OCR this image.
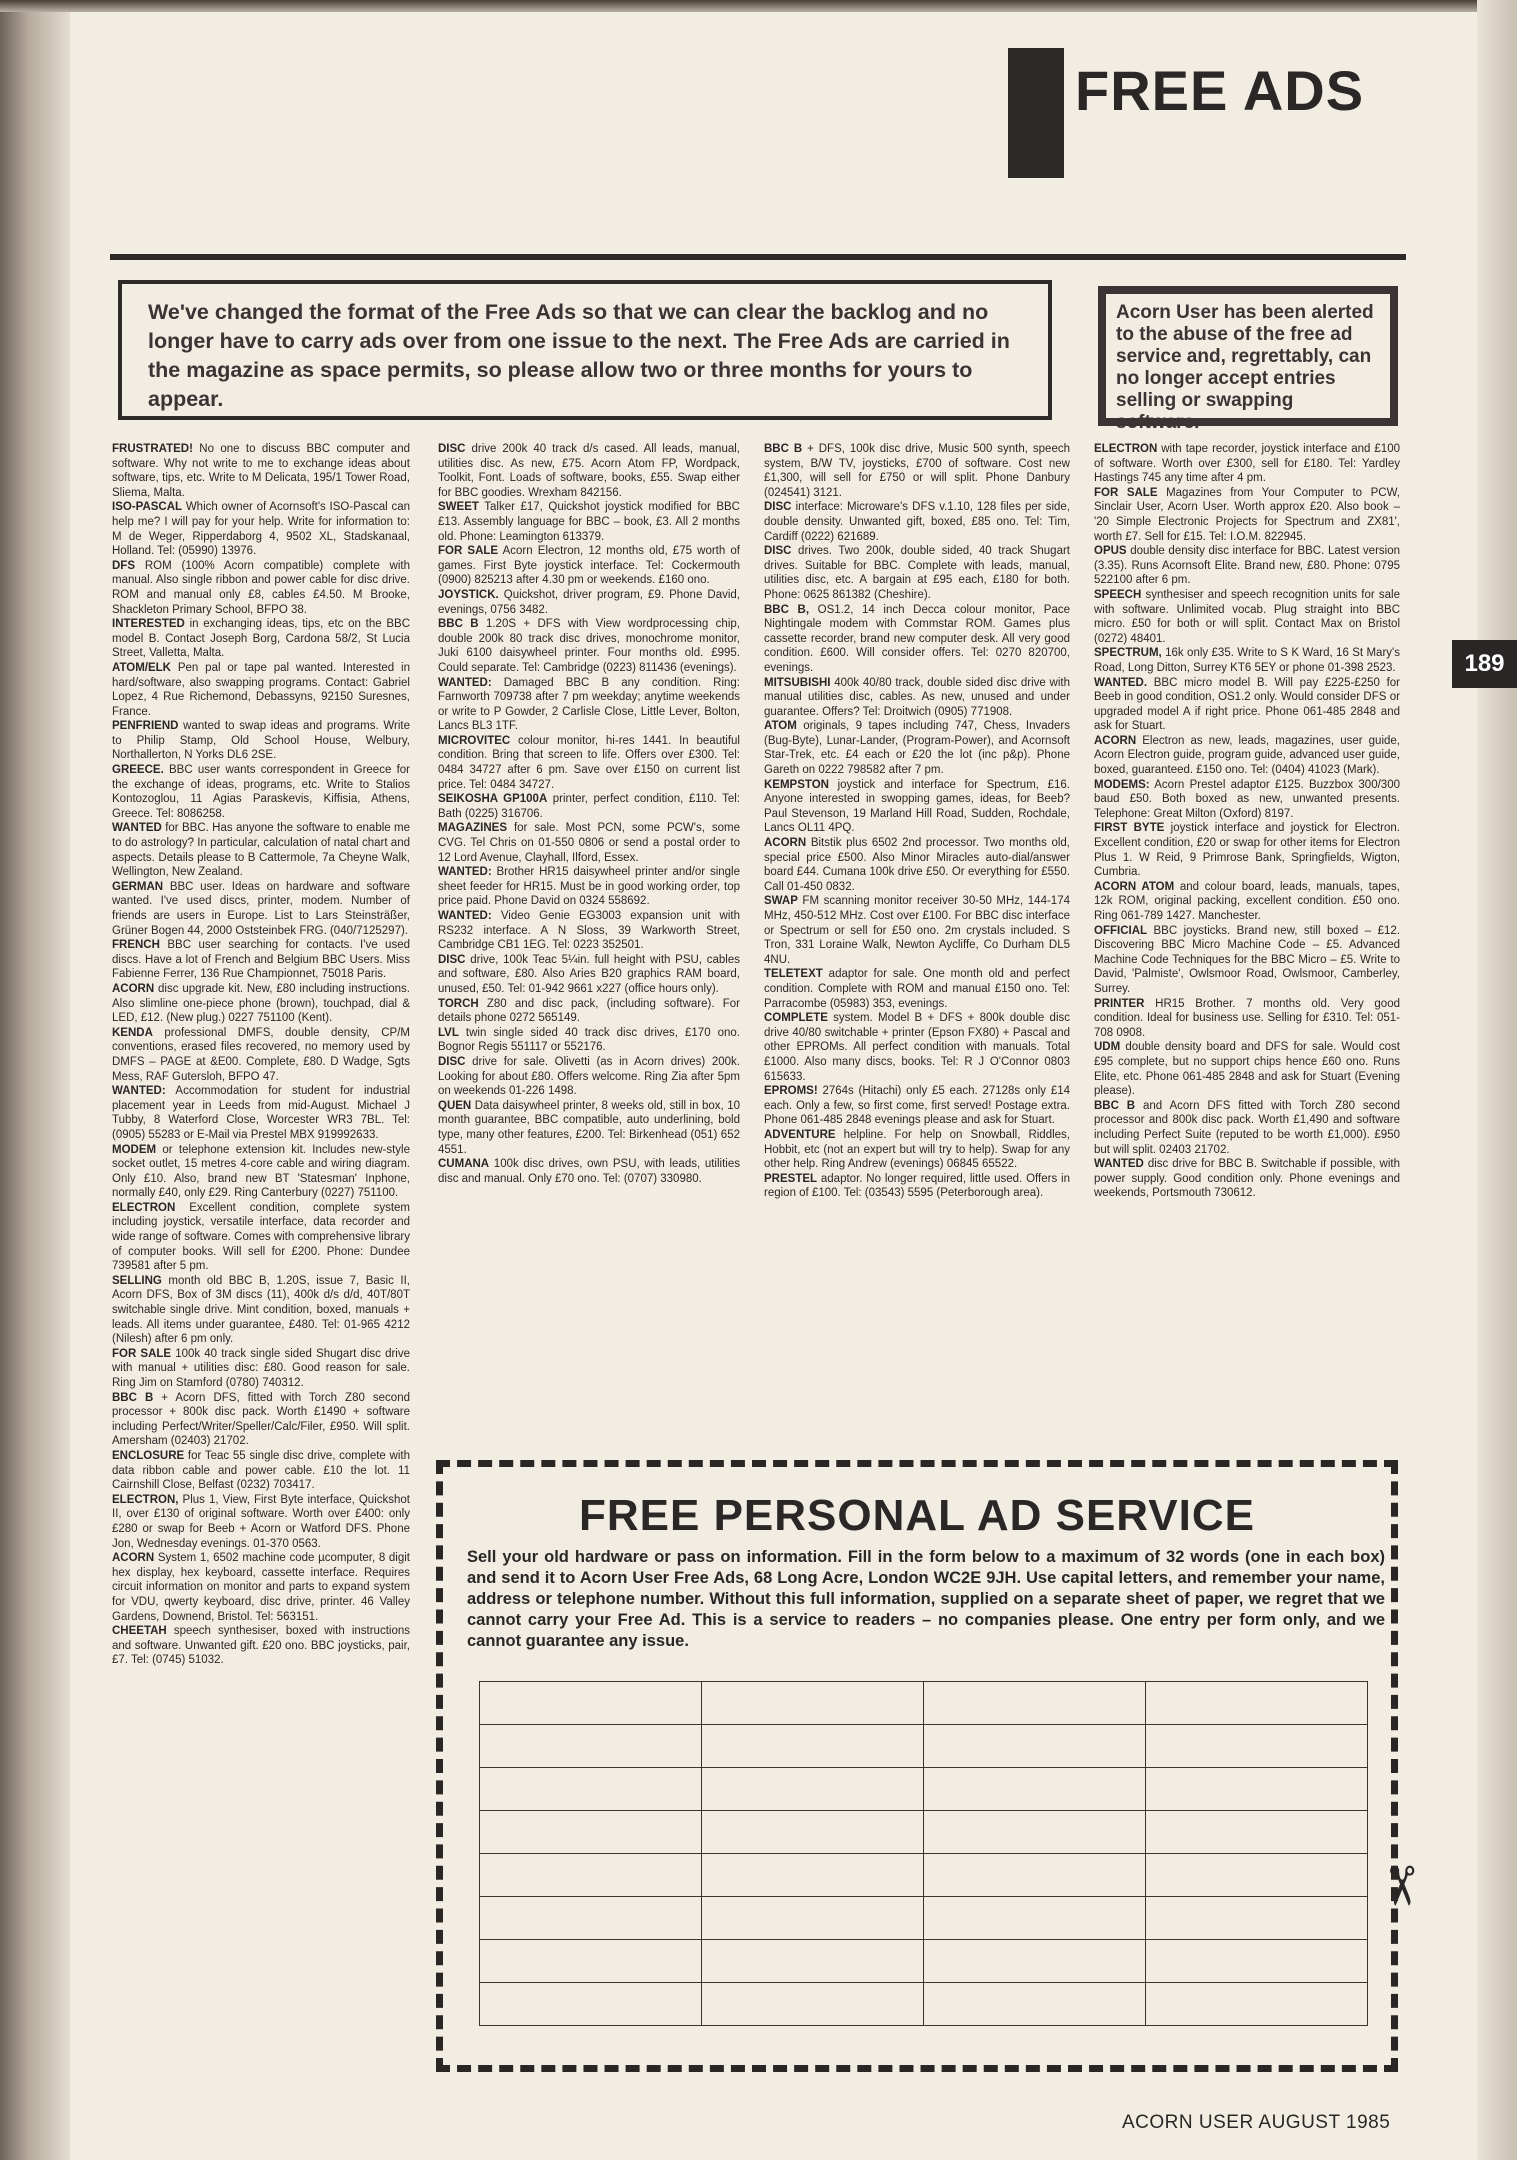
FREE ADS
We've changed the format of the Free Ads so that we can clear the backlog and no longer have to carry ads over from one issue to the next. The Free Ads are carried in the magazine as space permits, so please allow two or three months for yours to appear.
Acorn User has been alerted to the abuse of the free ad service and, regrettably, can no longer accept entries selling or swapping software.

FRUSTRATED! No one to discuss BBC computer and software. Why not write to me to exchange ideas about software, tips, etc. Write to M Delicata, 195/1 Tower Road, Sliema, Malta.

ISO-PASCAL Which owner of Acornsoft's ISO-Pascal can help me? I will pay for your help. Write for information to: M de Weger, Ripperdaborg 4, 9502 XL, Stadskanaal, Holland. Tel: (05990) 13976.

DFS ROM (100% Acorn compatible) complete with manual. Also single ribbon and power cable for disc drive. ROM and manual only £8, cables £4.50. M Brooke, Shackleton Primary School, BFPO 38.

INTERESTED in exchanging ideas, tips, etc on the BBC model B. Contact Joseph Borg, Cardona 58/2, St Lucia Street, Valletta, Malta.

ATOM/ELK Pen pal or tape pal wanted. Interested in hard/software, also swapping programs. Contact: Gabriel Lopez, 4 Rue Richemond, Debassyns, 92150 Suresnes, France.

PENFRIEND wanted to swap ideas and programs. Write to Philip Stamp, Old School House, Welbury, Northallerton, N Yorks DL6 2SE.

GREECE. BBC user wants correspondent in Greece for the exchange of ideas, programs, etc. Write to Stalios Kontozoglou, 11 Agias Paraskevis, Kiffisia, Athens, Greece. Tel: 8086258.

WANTED for BBC. Has anyone the software to enable me to do astrology? In particular, calculation of natal chart and aspects. Details please to B Cattermole, 7a Cheyne Walk, Wellington, New Zealand.

GERMAN BBC user. Ideas on hardware and software wanted. I've used discs, printer, modem. Number of friends are users in Europe. List to Lars Steinsträßer, Grüner Bogen 44, 2000 Oststeinbek FRG. (040/7125297).

FRENCH BBC user searching for contacts. I've used discs. Have a lot of French and Belgium BBC Users. Miss Fabienne Ferrer, 136 Rue Championnet, 75018 Paris.

ACORN disc upgrade kit. New, £80 including instructions. Also slimline one-piece phone (brown), touchpad, dial & LED, £12. (New plug.) 0227 751100 (Kent).

KENDA professional DMFS, double density, CP/M conventions, erased files recovered, no memory used by DMFS – PAGE at &E00. Complete, £80. D Wadge, Sgts Mess, RAF Gutersloh, BFPO 47.

WANTED: Accommodation for student for industrial placement year in Leeds from mid-August. Michael J Tubby, 8 Waterford Close, Worcester WR3 7BL. Tel: (0905) 55283 or E-Mail via Prestel MBX 919992633.

MODEM or telephone extension kit. Includes new-style socket outlet, 15 metres 4-core cable and wiring diagram. Only £10. Also, brand new BT 'Statesman' Inphone, normally £40, only £29. Ring Canterbury (0227) 751100.

ELECTRON Excellent condition, complete system including joystick, versatile interface, data recorder and wide range of software. Comes with comprehensive library of computer books. Will sell for £200. Phone: Dundee 739581 after 5 pm.

SELLING month old BBC B, 1.20S, issue 7, Basic II, Acorn DFS, Box of 3M discs (11), 400k d/s d/d, 40T/80T switchable single drive. Mint condition, boxed, manuals + leads. All items under guarantee, £480. Tel: 01-965 4212 (Nilesh) after 6 pm only.

FOR SALE 100k 40 track single sided Shugart disc drive with manual + utilities disc: £80. Good reason for sale. Ring Jim on Stamford (0780) 740312.

BBC B + Acorn DFS, fitted with Torch Z80 second processor + 800k disc pack. Worth £1490 + software including Perfect/Writer/Speller/Calc/Filer, £950. Will split. Amersham (02403) 21702.

ENCLOSURE for Teac 55 single disc drive, complete with data ribbon cable and power cable. £10 the lot. 11 Cairnshill Close, Belfast (0232) 703417.

ELECTRON, Plus 1, View, First Byte interface, Quickshot II, over £130 of original software. Worth over £400: only £280 or swap for Beeb + Acorn or Watford DFS. Phone Jon, Wednesday evenings. 01-370 0563.

ACORN System 1, 6502 machine code µcomputer, 8 digit hex display, hex keyboard, cassette interface. Requires circuit information on monitor and parts to expand system for VDU, qwerty keyboard, disc drive, printer. 46 Valley Gardens, Downend, Bristol. Tel: 563151.

CHEETAH speech synthesiser, boxed with instructions and software. Unwanted gift. £20 ono. BBC joysticks, pair, £7. Tel: (0745) 51032.

DISC drive 200k 40 track d/s cased. All leads, manual, utilities disc. As new, £75. Acorn Atom FP, Wordpack, Toolkit, Font. Loads of software, books, £55. Swap either for BBC goodies. Wrexham 842156.

SWEET Talker £17, Quickshot joystick modified for BBC £13. Assembly language for BBC – book, £3. All 2 months old. Phone: Leamington 613379.

FOR SALE Acorn Electron, 12 months old, £75 worth of games. First Byte joystick interface. Tel: Cockermouth (0900) 825213 after 4.30 pm or weekends. £160 ono.

JOYSTICK. Quickshot, driver program, £9. Phone David, evenings, 0756 3482.

BBC B 1.20S + DFS with View wordprocessing chip, double 200k 80 track disc drives, monochrome monitor, Juki 6100 daisywheel printer. Four months old. £995. Could separate. Tel: Cambridge (0223) 811436 (evenings).

WANTED: Damaged BBC B any condition. Ring: Farnworth 709738 after 7 pm weekday; anytime weekends or write to P Gowder, 2 Carlisle Close, Little Lever, Bolton, Lancs BL3 1TF.

MICROVITEC colour monitor, hi-res 1441. In beautiful condition. Bring that screen to life. Offers over £300. Tel: 0484 34727 after 6 pm. Save over £150 on current list price. Tel: 0484 34727.

SEIKOSHA GP100A printer, perfect condition, £110. Tel: Bath (0225) 316706.

MAGAZINES for sale. Most PCN, some PCW's, some CVG. Tel Chris on 01-550 0806 or send a postal order to 12 Lord Avenue, Clayhall, Ilford, Essex.

WANTED: Brother HR15 daisywheel printer and/or single sheet feeder for HR15. Must be in good working order, top price paid. Phone David on 0324 558692.

WANTED: Video Genie EG3003 expansion unit with RS232 interface. A N Sloss, 39 Warkworth Street, Cambridge CB1 1EG. Tel: 0223 352501.

DISC drive, 100k Teac 5¼in. full height with PSU, cables and software, £80. Also Aries B20 graphics RAM board, unused, £50. Tel: 01-942 9661 x227 (office hours only).

TORCH Z80 and disc pack, (including software). For details phone 0272 565149.

LVL twin single sided 40 track disc drives, £170 ono. Bognor Regis 551117 or 552176.

DISC drive for sale. Olivetti (as in Acorn drives) 200k. Looking for about £80. Offers welcome. Ring Zia after 5pm on weekends 01-226 1498.

QUEN Data daisywheel printer, 8 weeks old, still in box, 10 month guarantee, BBC compatible, auto underlining, bold type, many other features, £200. Tel: Birkenhead (051) 652 4551.

CUMANA 100k disc drives, own PSU, with leads, utilities disc and manual. Only £70 ono. Tel: (0707) 330980.

BBC B + DFS, 100k disc drive, Music 500 synth, speech system, B/W TV, joysticks, £700 of software. Cost new £1,300, will sell for £750 or will split. Phone Danbury (024541) 3121.

DISC interface: Microware's DFS v.1.10, 128 files per side, double density. Unwanted gift, boxed, £85 ono. Tel: Tim, Cardiff (0222) 621689.

DISC drives. Two 200k, double sided, 40 track Shugart drives. Suitable for BBC. Complete with leads, manual, utilities disc, etc. A bargain at £95 each, £180 for both. Phone: 0625 861382 (Cheshire).

BBC B, OS1.2, 14 inch Decca colour monitor, Pace Nightingale modem with Commstar ROM. Games plus cassette recorder, brand new computer desk. All very good condition. £600. Will consider offers. Tel: 0270 820700, evenings.

MITSUBISHI 400k 40/80 track, double sided disc drive with manual utilities disc, cables. As new, unused and under guarantee. Offers? Tel: Droitwich (0905) 771908.

ATOM originals, 9 tapes including 747, Chess, Invaders (Bug-Byte), Lunar-Lander, (Program-Power), and Acornsoft Star-Trek, etc. £4 each or £20 the lot (inc p&p). Phone Gareth on 0222 798582 after 7 pm.

KEMPSTON joystick and interface for Spectrum, £16. Anyone interested in swopping games, ideas, for Beeb? Paul Stevenson, 19 Marland Hill Road, Sudden, Rochdale, Lancs OL11 4PQ.

ACORN Bitstik plus 6502 2nd processor. Two months old, special price £500. Also Minor Miracles auto-dial/answer board £44. Cumana 100k drive £50. Or everything for £550. Call 01-450 0832.

SWAP FM scanning monitor receiver 30-50 MHz, 144-174 MHz, 450-512 MHz. Cost over £100. For BBC disc interface or Spectrum or sell for £50 ono. 2m crystals included. S Tron, 331 Loraine Walk, Newton Aycliffe, Co Durham DL5 4NU.

TELETEXT adaptor for sale. One month old and perfect condition. Complete with ROM and manual £150 ono. Tel: Parracombe (05983) 353, evenings.

COMPLETE system. Model B + DFS + 800k double disc drive 40/80 switchable + printer (Epson FX80) + Pascal and other EPROMs. All perfect condition with manuals. Total £1000. Also many discs, books. Tel: R J O'Connor 0803 615633.

EPROMS! 2764s (Hitachi) only £5 each. 27128s only £14 each. Only a few, so first come, first served! Postage extra. Phone 061-485 2848 evenings please and ask for Stuart.

ADVENTURE helpline. For help on Snowball, Riddles, Hobbit, etc (not an expert but will try to help). Swap for any other help. Ring Andrew (evenings) 06845 65522.

PRESTEL adaptor. No longer required, little used. Offers in region of £100. Tel: (03543) 5595 (Peterborough area).

ELECTRON with tape recorder, joystick interface and £100 of software. Worth over £300, sell for £180. Tel: Yardley Hastings 745 any time after 4 pm.

FOR SALE Magazines from Your Computer to PCW, Sinclair User, Acorn User. Worth approx £20. Also book – '20 Simple Electronic Projects for Spectrum and ZX81', worth £7. Sell for £15. Tel: I.O.M. 822945.

OPUS double density disc interface for BBC. Latest version (3.35). Runs Acornsoft Elite. Brand new, £80. Phone: 0795 522100 after 6 pm.

SPEECH synthesiser and speech recognition units for sale with software. Unlimited vocab. Plug straight into BBC micro. £50 for both or will split. Contact Max on Bristol (0272) 48401.

SPECTRUM, 16k only £35. Write to S K Ward, 16 St Mary's Road, Long Ditton, Surrey KT6 5EY or phone 01-398 2523.

WANTED. BBC micro model B. Will pay £225-£250 for Beeb in good condition, OS1.2 only. Would consider DFS or upgraded model A if right price. Phone 061-485 2848 and ask for Stuart.

ACORN Electron as new, leads, magazines, user guide, Acorn Electron guide, program guide, advanced user guide, boxed, guaranteed. £150 ono. Tel: (0404) 41023 (Mark).

MODEMS: Acorn Prestel adaptor £125. Buzzbox 300/300 baud £50. Both boxed as new, unwanted presents. Telephone: Great Milton (Oxford) 8197.

FIRST BYTE joystick interface and joystick for Electron. Excellent condition, £20 or swap for other items for Electron Plus 1. W Reid, 9 Primrose Bank, Springfields, Wigton, Cumbria.

ACORN ATOM and colour board, leads, manuals, tapes, 12k ROM, original packing, excellent condition. £50 ono. Ring 061-789 1427. Manchester.

OFFICIAL BBC joysticks. Brand new, still boxed – £12. Discovering BBC Micro Machine Code – £5. Advanced Machine Code Techniques for the BBC Micro – £5. Write to David, 'Palmiste', Owlsmoor Road, Owlsmoor, Camberley, Surrey.

PRINTER HR15 Brother. 7 months old. Very good condition. Ideal for business use. Selling for £310. Tel: 051-708 0908.

UDM double density board and DFS for sale. Would cost £95 complete, but no support chips hence £60 ono. Runs Elite, etc. Phone 061-485 2848 and ask for Stuart (Evening please).

BBC B and Acorn DFS fitted with Torch Z80 second processor and 800k disc pack. Worth £1,490 and software including Perfect Suite (reputed to be worth £1,000). £950 but will split. 02403 21702.

WANTED disc drive for BBC B. Switchable if possible, with power supply. Good condition only. Phone evenings and weekends, Portsmouth 730612.

189
FREE PERSONAL AD SERVICE

Sell your old hardware or pass on information. Fill in the form below to a maximum of 32 words (one in each box) and send it to Acorn User Free Ads, 68 Long Acre, London WC2E 9JH. Use capital letters, and remember your name, address or telephone number. Without this full information, supplied on a separate sheet of paper, we regret that we cannot carry your Free Ad. This is a service to readers – no companies please. One entry per form only, and we cannot guarantee any issue.

✂
ACORN USER AUGUST 1985
